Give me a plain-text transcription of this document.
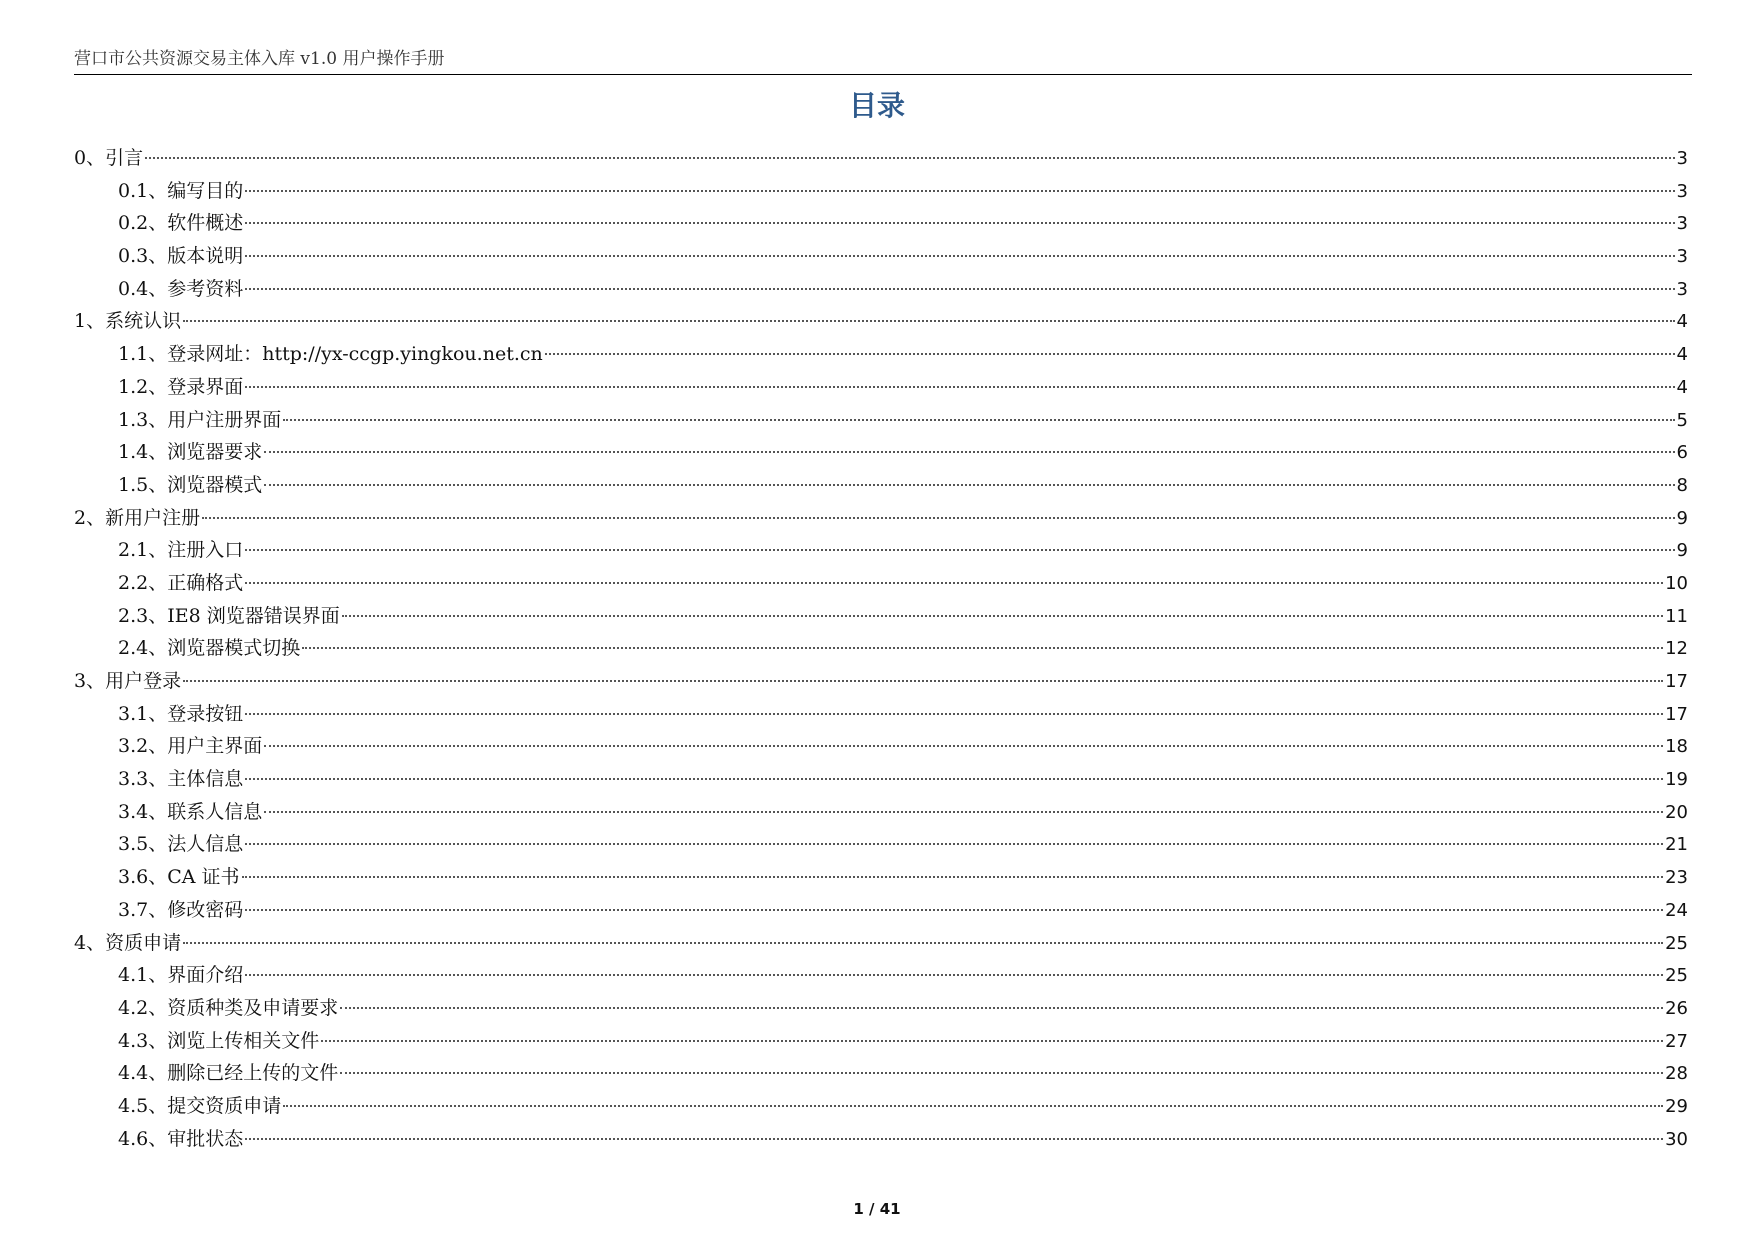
营口市公共资源交易主体入库 v1.0 用户操作手册
目录
0、引言	3
0.1、编写目的	3
0.2、软件概述	3
0.3、版本说明	3
0.4、参考资料	3
1、系统认识	4
1.1、登录网址：http://yx-ccgp.yingkou.net.cn	4
1.2、登录界面	4
1.3、用户注册界面	5
1.4、浏览器要求	6
1.5、浏览器模式	8
2、新用户注册	9
2.1、注册入口	9
2.2、正确格式	10
2.3、IE8 浏览器错误界面	11
2.4、浏览器模式切换	12
3、用户登录	17
3.1、登录按钮	17
3.2、用户主界面	18
3.3、主体信息	19
3.4、联系人信息	20
3.5、法人信息	21
3.6、CA 证书	23
3.7、修改密码	24
4、资质申请	25
4.1、界面介绍	25
4.2、资质种类及申请要求	26
4.3、浏览上传相关文件	27
4.4、删除已经上传的文件	28
4.5、提交资质申请	29
4.6、审批状态	30
1 / 41
